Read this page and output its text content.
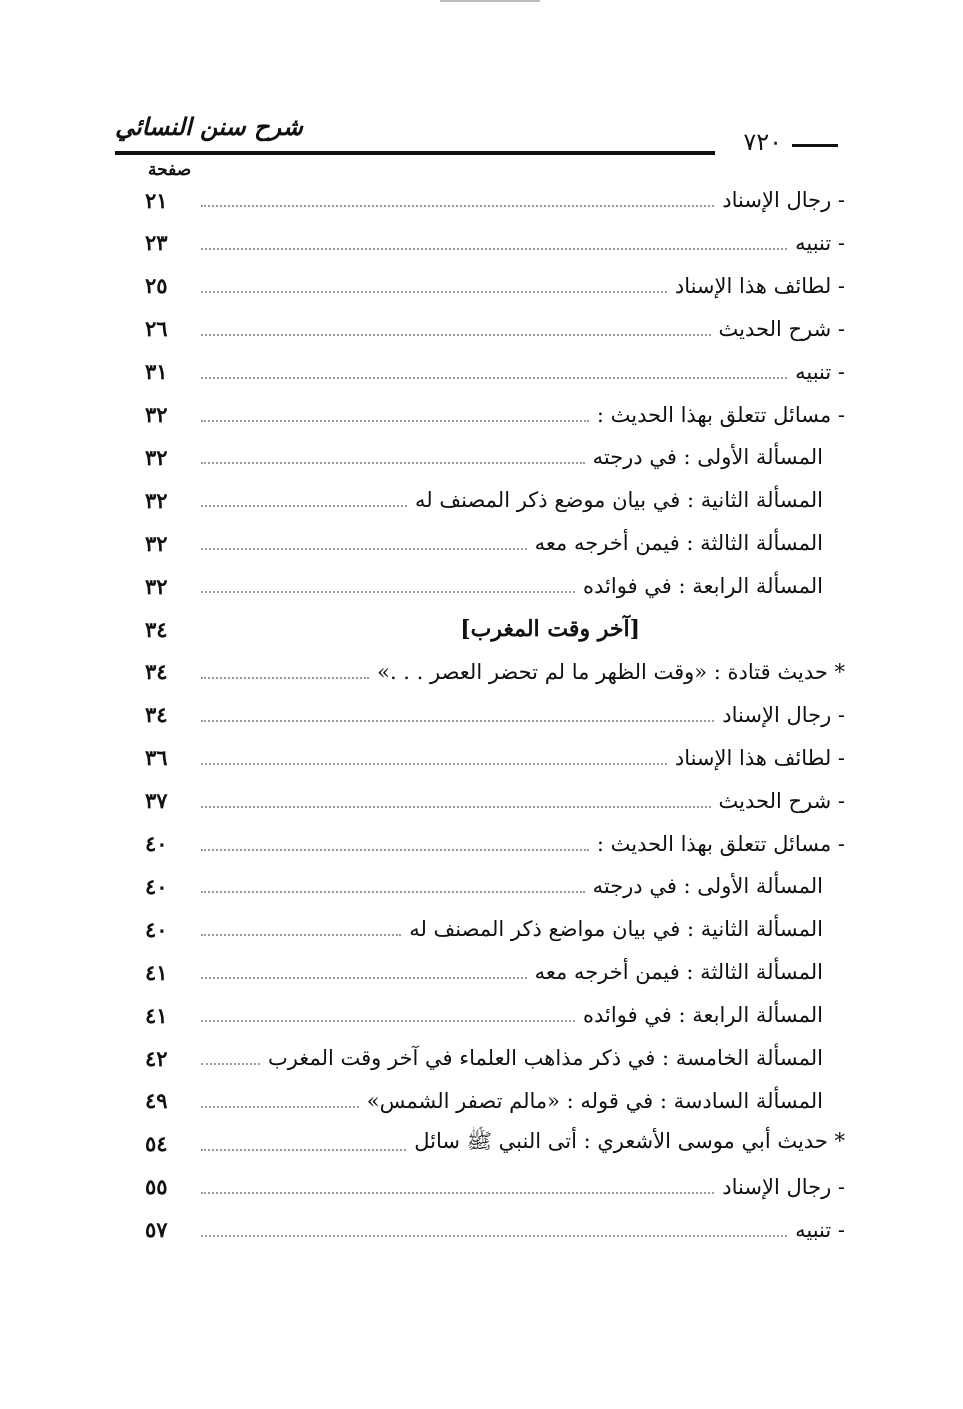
شرح سنن النسائي
٧٢٠
صفحة
- رجال الإسناد
٢١
- تنبيه
٢٣
- لطائف هذا الإسناد
٢٥
- شرح الحديث
٢٦
- تنبيه
٣١
- مسائل تتعلق بهذا الحديث :
٣٢
المسألة الأولى : في درجته
٣٢
المسألة الثانية : في بيان موضع ذكر المصنف له
٣٢
المسألة الثالثة : فيمن أخرجه معه
٣٢
المسألة الرابعة : في فوائده
٣٢
[آخر وقت المغرب]
٣٤
* حديث قتادة : «وقت الظهر ما لم تحضر العصر . . .»
٣٤
- رجال الإسناد
٣٤
- لطائف هذا الإسناد
٣٦
- شرح الحديث
٣٧
- مسائل تتعلق بهذا الحديث :
٤٠
المسألة الأولى : في درجته
٤٠
المسألة الثانية : في بيان مواضع ذكر المصنف له
٤٠
المسألة الثالثة : فيمن أخرجه معه
٤١
المسألة الرابعة : في فوائده
٤١
المسألة الخامسة : في ذكر مذاهب العلماء في آخر وقت المغرب
٤٢
المسألة السادسة : في قوله : «مالم تصفر الشمس»
٤٩
* حديث أبي موسى الأشعري : أتى النبي ﷺ سائل
٥٤
- رجال الإسناد
٥٥
- تنبيه
٥٧
